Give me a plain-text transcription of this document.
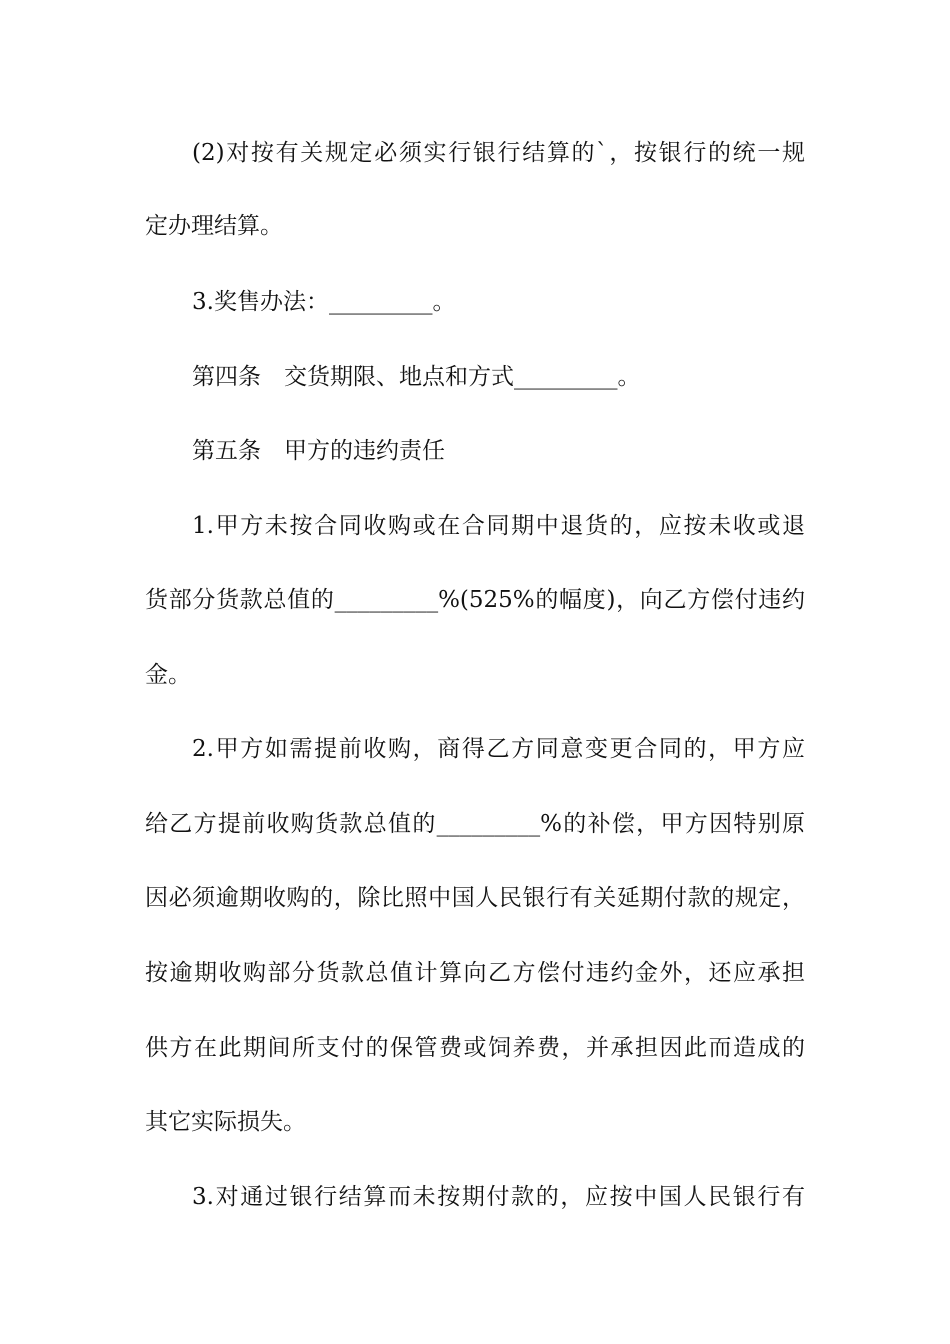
(2)对按有关规定必须实行银行结算的`，按银行的统一规
定办理结算。
3.奖售办法：_________。
第四条　交货期限、地点和方式_________。
第五条　甲方的违约责任
1.甲方未按合同收购或在合同期中退货的，应按未收或退
货部分货款总值的_________%(525%的幅度)，向乙方偿付违约
金。
2.甲方如需提前收购，商得乙方同意变更合同的，甲方应
给乙方提前收购货款总值的_________%的补偿，甲方因特别原
因必须逾期收购的，除比照中国人民银行有关延期付款的规定，
按逾期收购部分货款总值计算向乙方偿付违约金外，还应承担
供方在此期间所支付的保管费或饲养费，并承担因此而造成的
其它实际损失。
3.对通过银行结算而未按期付款的，应按中国人民银行有
